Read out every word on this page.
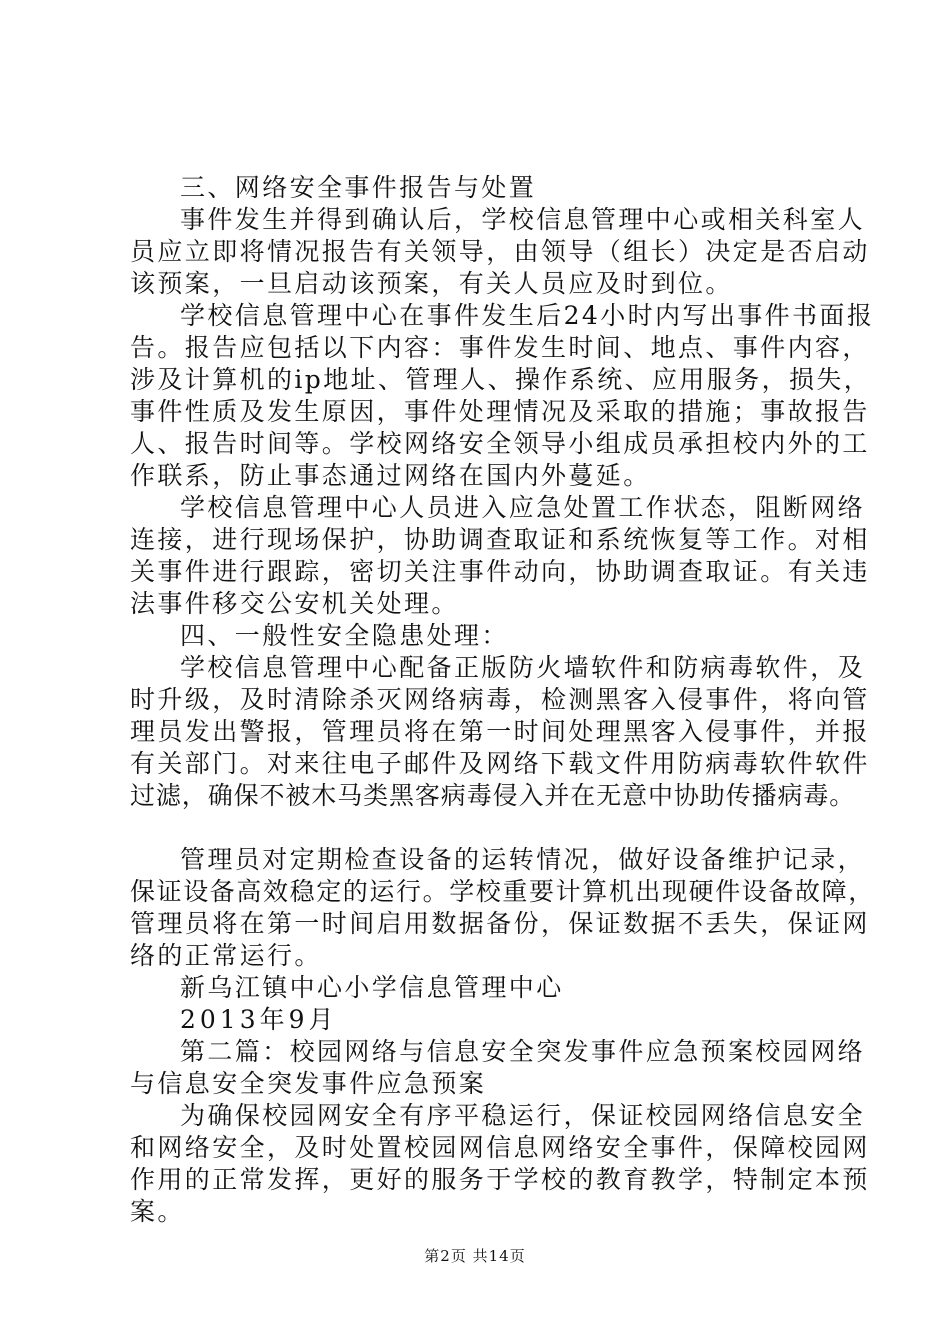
三、网络安全事件报告与处置
事件发生并得到确认后，学校信息管理中心或相关科室人
员应立即将情况报告有关领导，由领导（组长）决定是否启动
该预案，一旦启动该预案，有关人员应及时到位。
学校信息管理中心在事件发生后24小时内写出事件书面报
告。报告应包括以下内容：事件发生时间、地点、事件内容，
涉及计算机的ip地址、管理人、操作系统、应用服务，损失，
事件性质及发生原因，事件处理情况及采取的措施；事故报告
人、报告时间等。学校网络安全领导小组成员承担校内外的工
作联系，防止事态通过网络在国内外蔓延。
学校信息管理中心人员进入应急处置工作状态，阻断网络
连接，进行现场保护，协助调查取证和系统恢复等工作。对相
关事件进行跟踪，密切关注事件动向，协助调查取证。有关违
法事件移交公安机关处理。
四、一般性安全隐患处理：
学校信息管理中心配备正版防火墙软件和防病毒软件，及
时升级，及时清除杀灭网络病毒，检测黑客入侵事件，将向管
理员发出警报，管理员将在第一时间处理黑客入侵事件，并报
有关部门。对来往电子邮件及网络下载文件用防病毒软件软件
过滤，确保不被木马类黑客病毒侵入并在无意中协助传播病毒。
管理员对定期检查设备的运转情况，做好设备维护记录，
保证设备高效稳定的运行。学校重要计算机出现硬件设备故障，
管理员将在第一时间启用数据备份，保证数据不丢失，保证网
络的正常运行。
新乌江镇中心小学信息管理中心
2013年9月
第二篇：校园网络与信息安全突发事件应急预案校园网络
与信息安全突发事件应急预案
为确保校园网安全有序平稳运行，保证校园网络信息安全
和网络安全，及时处置校园网信息网络安全事件，保障校园网
作用的正常发挥，更好的服务于学校的教育教学，特制定本预
案。
第2页 共14页
